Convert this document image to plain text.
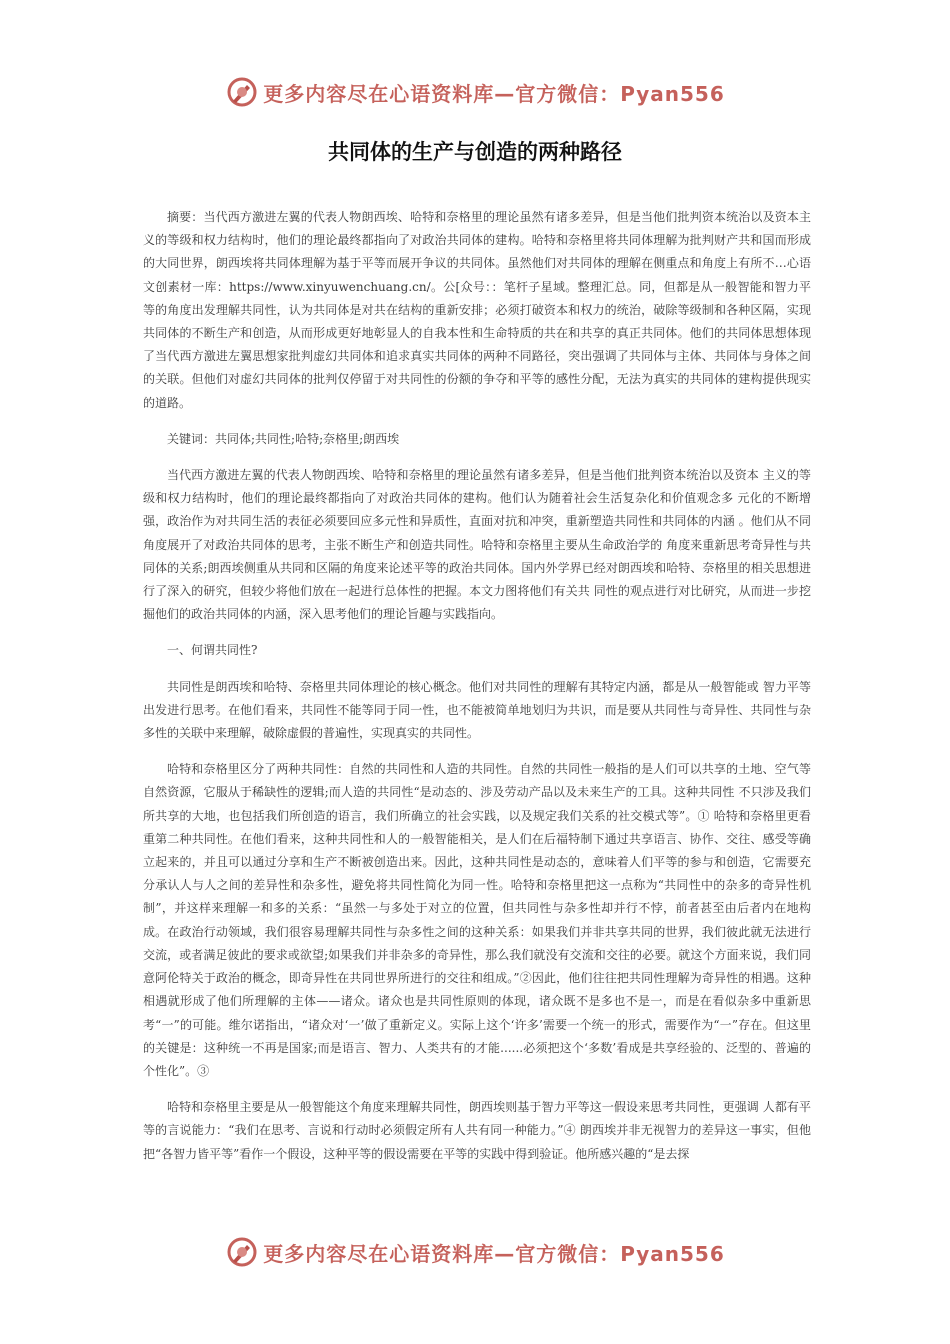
更多内容尽在心语资料库—官方微信：Pyan556
共同体的生产与创造的两种路径

摘要：当代西方激进左翼的代表人物朗西埃、哈特和奈格里的理论虽然有诸多差异，但是当他们批判资本统治以及资本主义的等级和权力结构时，他们的理论最终都指向了对政治共同体的建构。哈特和奈格里将共同体理解为批判财产共和国而形成的大同世界，朗西埃将共同体理解为基于平等而展开争议的共同体。虽然他们对共同体的理解在侧重点和角度上有所不…心语文创素材一库：https://www.xinyuwenchuang.cn/。公[众号：：笔杆子星域。整理汇总。同，但都是从一般智能和智力平等的角度出发理解共同性，认为共同体是对共在结构的重新安排；必须打破资本和权力的统治，破除等级制和各种区隔，实现共同体的不断生产和创造，从而形成更好地彰显人的自我本性和生命特质的共在和共享的真正共同体。他们的共同体思想体现了当代西方激进左翼思想家批判虚幻共同体和追求真实共同体的两种不同路径，突出强调了共同体与主体、共同体与身体之间的关联。但他们对虚幻共同体的批判仅停留于对共同性的份额的争夺和平等的感性分配，无法为真实的共同体的建构提供现实的道路。

关键词：共同体;共同性;哈特;奈格里;朗西埃

当代西方激进左翼的代表人物朗西埃、哈特和奈格里的理论虽然有诸多差异，但是当他们批判资本统治以及资本 主义的等级和权力结构时，他们的理论最终都指向了对政治共同体的建构。他们认为随着社会生活复杂化和价值观念多 元化的不断增强，政治作为对共同生活的表征必须要回应多元性和异质性，直面对抗和冲突，重新塑造共同性和共同体的内涵 。他们从不同角度展开了对政治共同体的思考，主张不断生产和创造共同性。哈特和奈格里主要从生命政治学的 角度来重新思考奇异性与共同体的关系;朗西埃侧重从共同和区隔的角度来论述平等的政治共同体。国内外学界已经对朗西埃和哈特、奈格里的相关思想进行了深入的研究，但较少将他们放在一起进行总体性的把握。本文力图将他们有关共 同性的观点进行对比研究，从而进一步挖掘他们的政治共同体的内涵，深入思考他们的理论旨趣与实践指向。

一、何谓共同性?

共同性是朗西埃和哈特、奈格里共同体理论的核心概念。他们对共同性的理解有其特定内涵，都是从一般智能或 智力平等出发进行思考。在他们看来，共同性不能等同于同一性，也不能被简单地划归为共识，而是要从共同性与奇异性、共同性与杂多性的关联中来理解，破除虚假的普遍性，实现真实的共同性。

哈特和奈格里区分了两种共同性：自然的共同性和人造的共同性。自然的共同性一般指的是人们可以共享的土地、空气等自然资源，它服从于稀缺性的逻辑;而人造的共同性“是动态的、涉及劳动产品以及未来生产的工具。这种共同性 不只涉及我们所共享的大地，也包括我们所创造的语言，我们所确立的社会实践，以及规定我们关系的社交模式等”。① 哈特和奈格里更看重第二种共同性。在他们看来，这种共同性和人的一般智能相关，是人们在后福特制下通过共享语言、协作、交往、感受等确立起来的，并且可以通过分享和生产不断被创造出来。因此，这种共同性是动态的，意味着人们平等的参与和创造，它需要充分承认人与人之间的差异性和杂多性，避免将共同性简化为同一性。哈特和奈格里把这一点称为“共同性中的杂多的奇异性机制”，并这样来理解一和多的关系：“虽然一与多处于对立的位置，但共同性与杂多性却并行不悖，前者甚至由后者内在地构成。在政治行动领域，我们很容易理解共同性与杂多性之间的这种关系：如果我们并非共享共同的世界，我们彼此就无法进行交流，或者满足彼此的要求或欲望;如果我们并非杂多的奇异性，那么我们就没有交流和交往的必要。就这个方面来说，我们同意阿伦特关于政治的概念，即奇异性在共同世界所进行的交往和组成。”②因此，他们往往把共同性理解为奇异性的相遇。这种相遇就形成了他们所理解的主体——诸众。诸众也是共同性原则的体现，诸众既不是多也不是一，而是在看似杂多中重新思考“一”的可能。维尔诺指出，“诸众对‘一’做了重新定义。实际上这个‘许多’需要一个统一的形式，需要作为“一”存在。但这里的关键是：这种统一不再是国家;而是语言、智力、人类共有的才能......必须把这个‘多数’看成是共享经验的、泛型的、普遍的个性化”。③

哈特和奈格里主要是从一般智能这个角度来理解共同性，朗西埃则基于智力平等这一假设来思考共同性，更强调 人都有平等的言说能力：“我们在思考、言说和行动时必须假定所有人共有同一种能力。”④ 朗西埃并非无视智力的差异这一事实，但他把“各智力皆平等”看作一个假设，这种平等的假设需要在平等的实践中得到验证。他所感兴趣的“是去探

更多内容尽在心语资料库—官方微信：Pyan556
